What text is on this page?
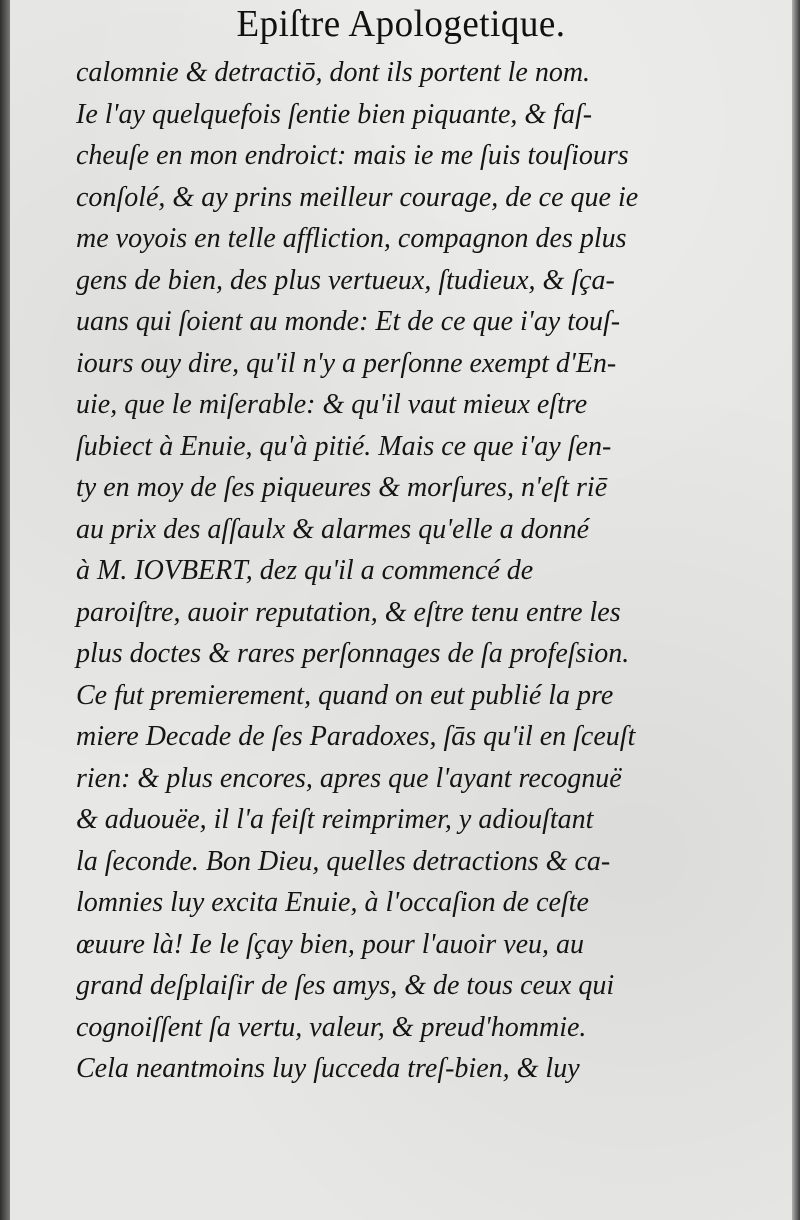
Epiſtre Apologetique.
calomnie & detractiō, dont ils portent le nom.
Ie l'ay quelquefois ſentie bien piquante, & faſ-
cheuſe en mon endroict: mais ie me ſuis touſiours
conſolé, & ay prins meilleur courage, de ce que ie
me voyois en telle affliction, compagnon des plus
gens de bien, des plus vertueux, ſtudieux, & ſça-
uans qui ſoient au monde: Et de ce que i'ay touſ-
iours ouy dire, qu'il n'y a perſonne exempt d'En-
uie, que le miſerable: & qu'il vaut mieux eſtre
ſubiect à Enuie, qu'à pitié. Mais ce que i'ay ſen-
ty en moy de ſes piqueures & morſures, n'eſt riē
au prix des aſſaulx & alarmes qu'elle a donné
à M. IOVBERT, dez qu'il a commencé de
paroiſtre, auoir reputation, & eſtre tenu entre les
plus doctes & rares perſonnages de ſa profeſsion.
Ce fut premierement, quand on eut publié la pre
miere Decade de ſes Paradoxes, ſās qu'il en ſceuſt
rien: & plus encores, apres que l'ayant recognuë
& aduouëe, il l'a feiſt reimprimer, y adiouſtant
la ſeconde. Bon Dieu, quelles detractions & ca-
lomnies luy excita Enuie, à l'occaſion de ceſte
œuure là! Ie le ſçay bien, pour l'auoir veu, au
grand deſplaiſir de ſes amys, & de tous ceux qui
cognoiſſent ſa vertu, valeur, & preud'hommie.
Cela neantmoins luy ſucceda treſ-bien, & luy
